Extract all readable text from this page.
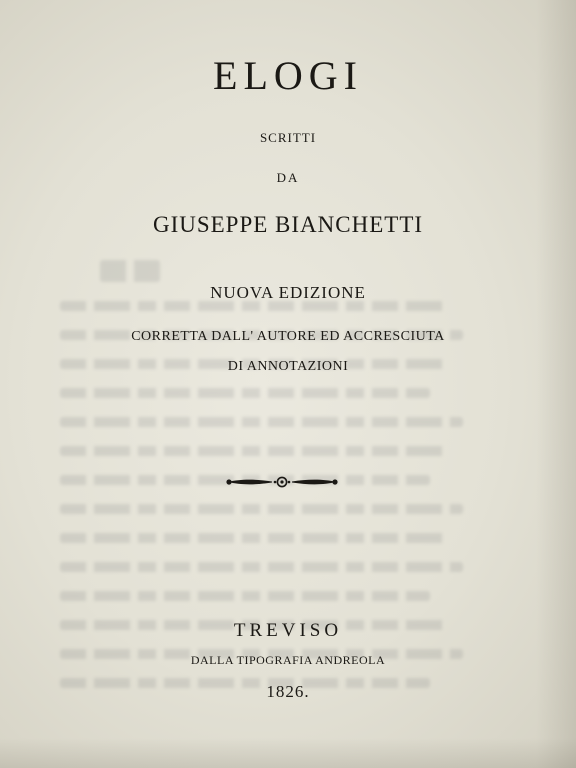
ELOGI
SCRITTI
DA
GIUSEPPE BIANCHETTI
NUOVA EDIZIONE
CORRETTA DALL' AUTORE ED ACCRESCIUTA
DI ANNOTAZIONI
TREVISO
DALLA TIPOGRAFIA ANDREOLA
1826.
